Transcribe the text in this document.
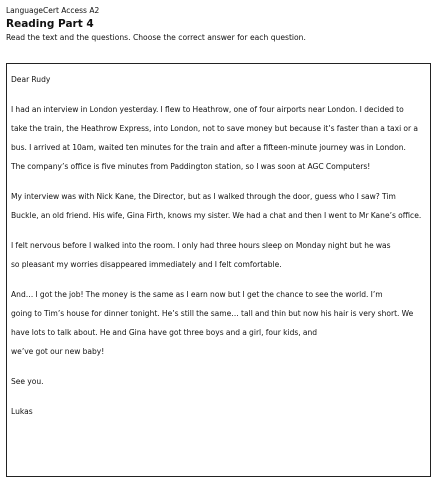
LanguageCert Access A2
Reading Part 4
Read the text and the questions. Choose the correct answer for each question.

Dear Rudy

I had an interview in London yesterday. I flew to Heathrow, one of four airports near London. I decided to

take the train, the Heathrow Express, into London, not to save money but because it’s faster than a taxi or a

bus. I arrived at 10am, waited ten minutes for the train and after a fifteen-minute journey was in London.

The company’s office is five minutes from Paddington station, so I was soon at AGC Computers!

My interview was with Nick Kane, the Director, but as I walked through the door, guess who I saw? Tim

Buckle, an old friend. His wife, Gina Firth, knows my sister. We had a chat and then I went to Mr Kane’s office.

I felt nervous before I walked into the room. I only had three hours sleep on Monday night but he was

so pleasant my worries disappeared immediately and I felt comfortable.

And… I got the job! The money is the same as I earn now but I get the chance to see the world. I’m

going to Tim’s house for dinner tonight. He’s still the same… tall and thin but now his hair is very short. We

have lots to talk about. He and Gina have got three boys and a girl, four kids, and

we’ve got our new baby!

See you.

Lukas
